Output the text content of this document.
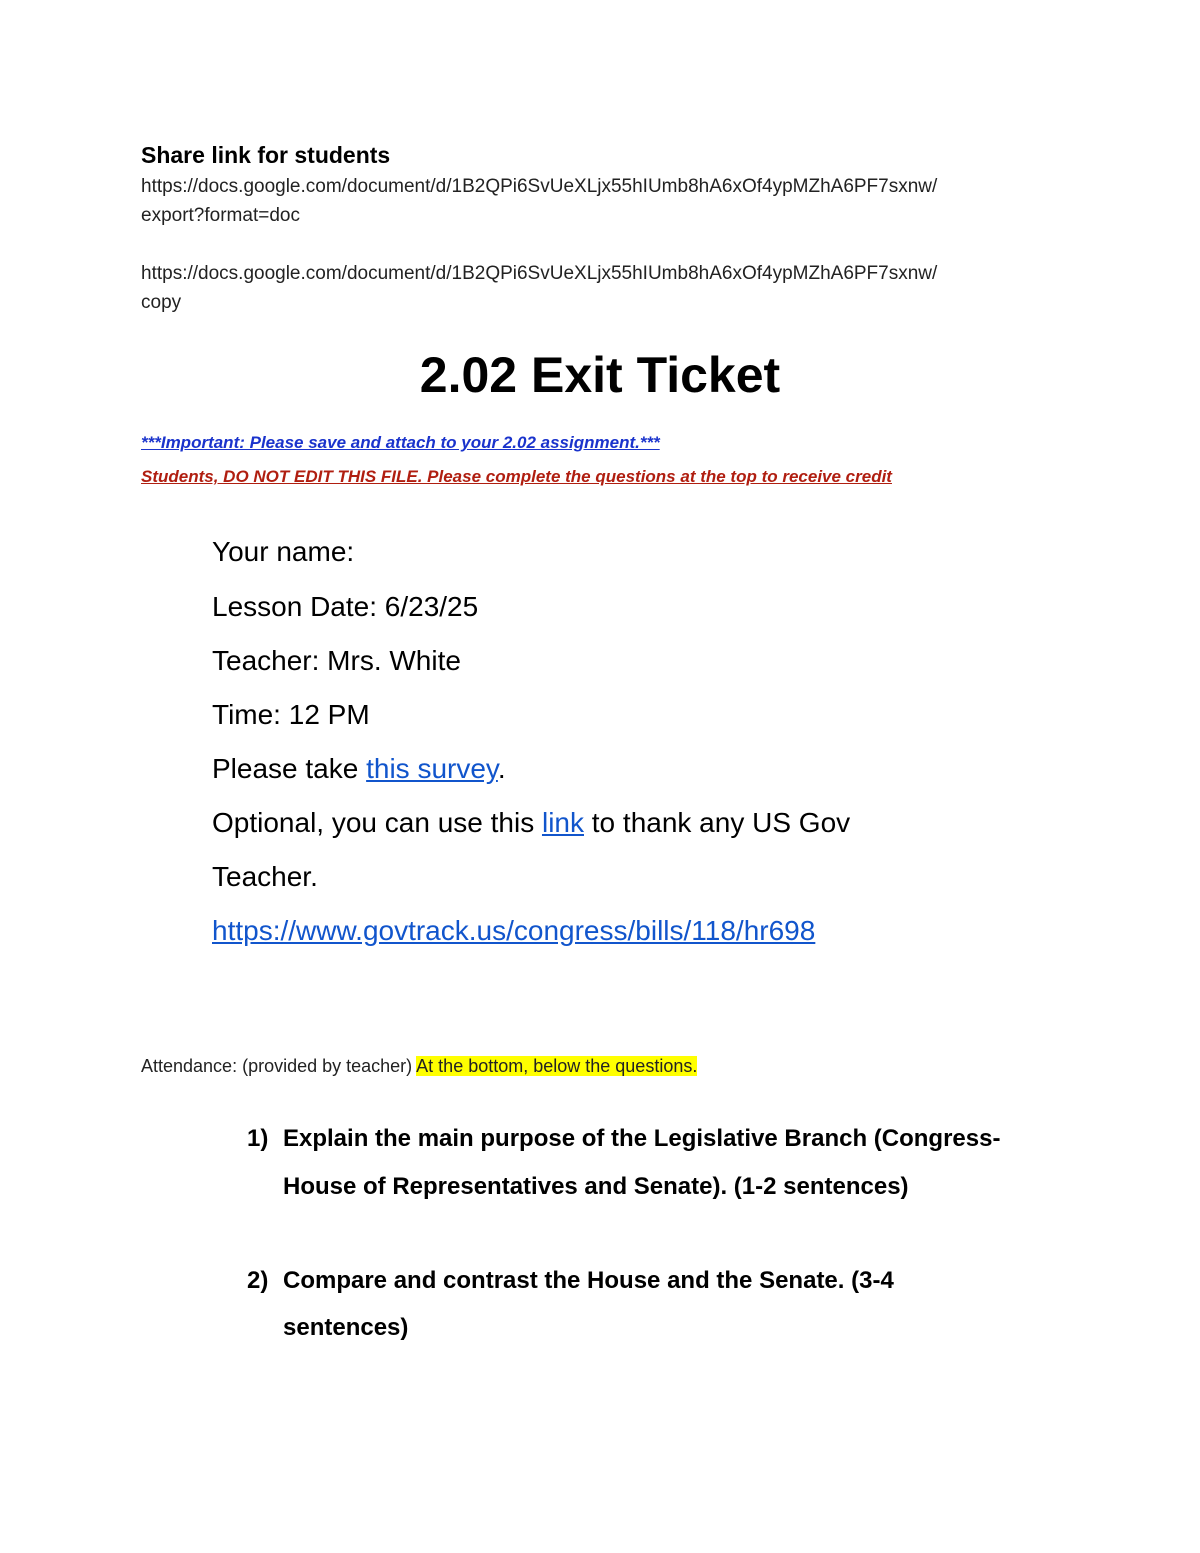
Share link for students
https://docs.google.com/document/d/1B2QPi6SvUeXLjx55hIUmb8hA6xOf4ypMZhA6PF7sxnw/
export?format=doc
https://docs.google.com/document/d/1B2QPi6SvUeXLjx55hIUmb8hA6xOf4ypMZhA6PF7sxnw/
copy
2.02 Exit Ticket
***Important: Please save and attach to your 2.02 assignment.***
Students, DO NOT EDIT THIS FILE. Please complete the questions at the top to receive credit
Your name:
Lesson Date: 6/23/25
Teacher: Mrs. White
Time: 12 PM
Please take this survey.
Optional, you can use this link to thank any US Gov
Teacher.
https://www.govtrack.us/congress/bills/118/hr698
Attendance: (provided by teacher) At the bottom, below the questions.
1) Explain the main purpose of the Legislative Branch (Congress-
House of Representatives and Senate). (1-2 sentences)
2) Compare and contrast the House and the Senate. (3-4
sentences)
